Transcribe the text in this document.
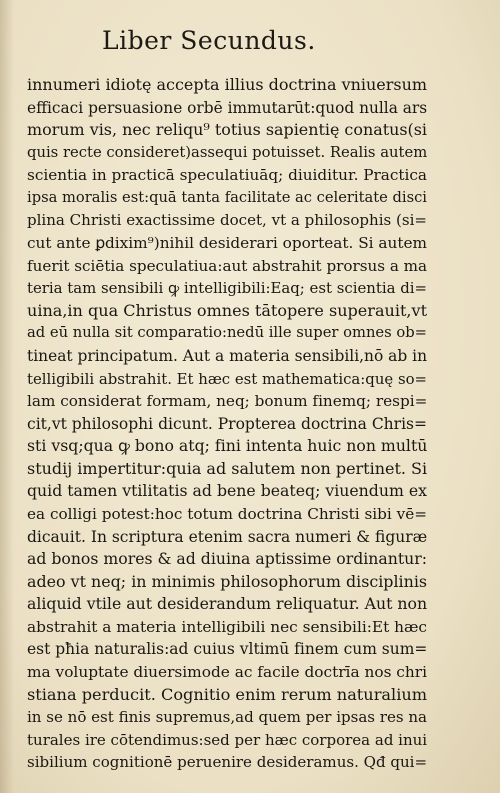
Liber Secundus.
innumeri idiotę accepta illius doctrina vniuersum
efficaci persuasione orbē immutarūt:quod nulla ars
morum vis, nec reliqu⁹ totius sapientię conatus(si
quis recte consideret)assequi potuisset. Realis autem
scientia in practicā speculatiuāq; diuiditur. Practica
ipsa moralis est:quā tanta facilitate ac celeritate disci
plina Christi exactissime docet, vt a philosophis (si=
cut ante ꝑdixim⁹)nihil desiderari oporteat. Si autem
fuerit sciētia speculatiua:aut abstrahit prorsus a ma
teria tam sensibili ꝙ intelligibili:Eaq; est scientia di=
uina,in qua Christus omnes tātopere superauit,vt
ad eū nulla sit comparatio:nedū ille super omnes ob=
tineat principatum. Aut a materia sensibili,nō ab in
telligibili abstrahit. Et hæc est mathematica:quę so=
lam considerat formam, neq; bonum finemq; respi=
cit,vt philosophi dicunt. Propterea doctrina Chris=
sti vsq;qua ꝙ bono atq; fini intenta huic non multū
studij impertitur:quia ad salutem non pertinet. Si
quid tamen vtilitatis ad bene beateq; viuendum ex
ea colligi potest:hoc totum doctrina Christi sibi vē=
dicauit. In scriptura etenim sacra numeri & figuræ
ad bonos mores & ad diuina aptissime ordinantur:
adeo vt neq; in minimis philosophorum disciplinis
aliquid vtile aut desiderandum reliquatur. Aut non
abstrahit a materia intelligibili nec sensibili:Et hæc
est pħia naturalis:ad cuius vltimū finem cum sum=
ma voluptate diuersimode ac facile doctrīa nos chri
stiana perducit. Cognitio enim rerum naturalium
in se nō est finis supremus,ad quem per ipsas res na
turales ire cōtendimus:sed per hæc corporea ad inui
sibilium cognitionē peruenire desideramus. Qđ qui=
